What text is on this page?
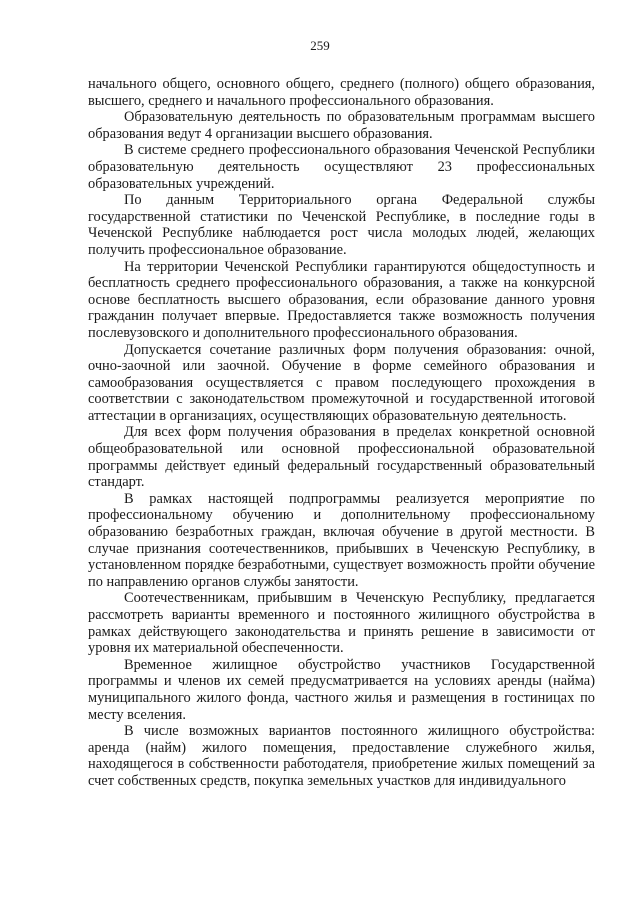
259

начального общего, основного общего, среднего (полного) общего образования, высшего, среднего и начального профессионального образования.

Образовательную деятельность по образовательным программам высшего образования ведут 4 организации высшего образования.

В системе среднего профессионального образования Чеченской Республики образовательную деятельность осуществляют 23 профессиональных образовательных учреждений.

По данным Территориального органа Федеральной службы государственной статистики по Чеченской Республике, в последние годы в Чеченской Республике наблюдается рост числа молодых людей, желающих получить профессиональное образование.

На территории Чеченской Республики гарантируются общедоступность и бесплатность среднего профессионального образования, а также на конкурсной основе бесплатность высшего образования, если образование данного уровня гражданин получает впервые. Предоставляется также возможность получения послевузовского и дополнительного профессионального образования.

Допускается сочетание различных форм получения образования: очной, очно-заочной или заочной. Обучение в форме семейного образования и самообразования осуществляется с правом последующего прохождения в соответствии с законодательством промежуточной и государственной итоговой аттестации в организациях, осуществляющих образовательную деятельность.

Для всех форм получения образования в пределах конкретной основной общеобразовательной или основной профессиональной образовательной программы действует единый федеральный государственный образовательный стандарт.

В рамках настоящей подпрограммы реализуется мероприятие по профессиональному обучению и дополнительному профессиональному образованию безработных граждан, включая обучение в другой местности. В случае признания соотечественников, прибывших в Чеченскую Республику, в установленном порядке безработными, существует возможность пройти обучение по направлению органов службы занятости.

Соотечественникам, прибывшим в Чеченскую Республику, предлагается рассмотреть варианты временного и постоянного жилищного обустройства в рамках действующего законодательства и принять решение в зависимости от уровня их материальной обеспеченности.

Временное жилищное обустройство участников Государственной программы и членов их семей предусматривается на условиях аренды (найма) муниципального жилого фонда, частного жилья и размещения в гостиницах по месту вселения.

В числе возможных вариантов постоянного жилищного обустройства: аренда (найм) жилого помещения, предоставление служебного жилья, находящегося в собственности работодателя, приобретение жилых помещений за счет собственных средств, покупка земельных участков для индивидуального
